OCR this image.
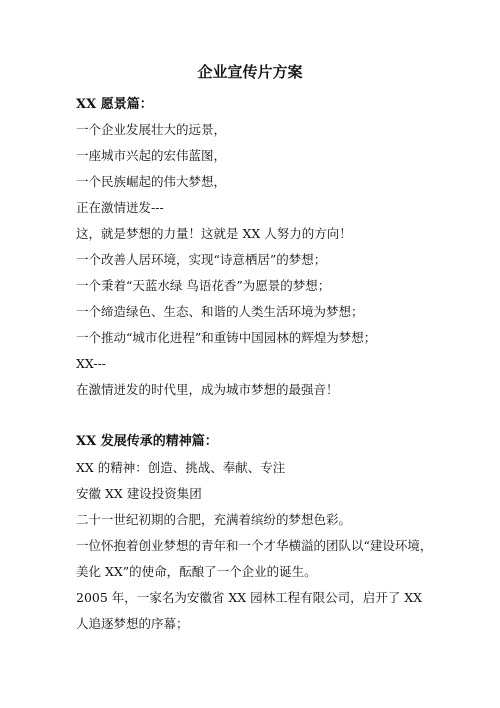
企业宣传片方案
XX 愿景篇：
一个企业发展壮大的远景，
一座城市兴起的宏伟蓝图，
一个民族崛起的伟大梦想，
正在激情迸发---
这，就是梦想的力量！这就是 XX 人努力的方向！
一个改善人居环境，实现“诗意栖居”的梦想；
一个秉着“天蓝水绿 鸟语花香”为愿景的梦想；
一个缔造绿色、生态、和谐的人类生活环境为梦想；
一个推动“城市化进程”和重铸中国园林的辉煌为梦想；
XX---
在激情迸发的时代里，成为城市梦想的最强音！
XX 发展传承的精神篇：
XX 的精神：创造、挑战、奉献、专注
安徽 XX 建设投资集团
二十一世纪初期的合肥，充满着缤纷的梦想色彩。
一位怀抱着创业梦想的青年和一个才华横溢的团队以“建设环境，
美化 XX”的使命，酝酿了一个企业的诞生。
2005 年，一家名为安徽省 XX 园林工程有限公司，启开了 XX
人追逐梦想的序幕；
